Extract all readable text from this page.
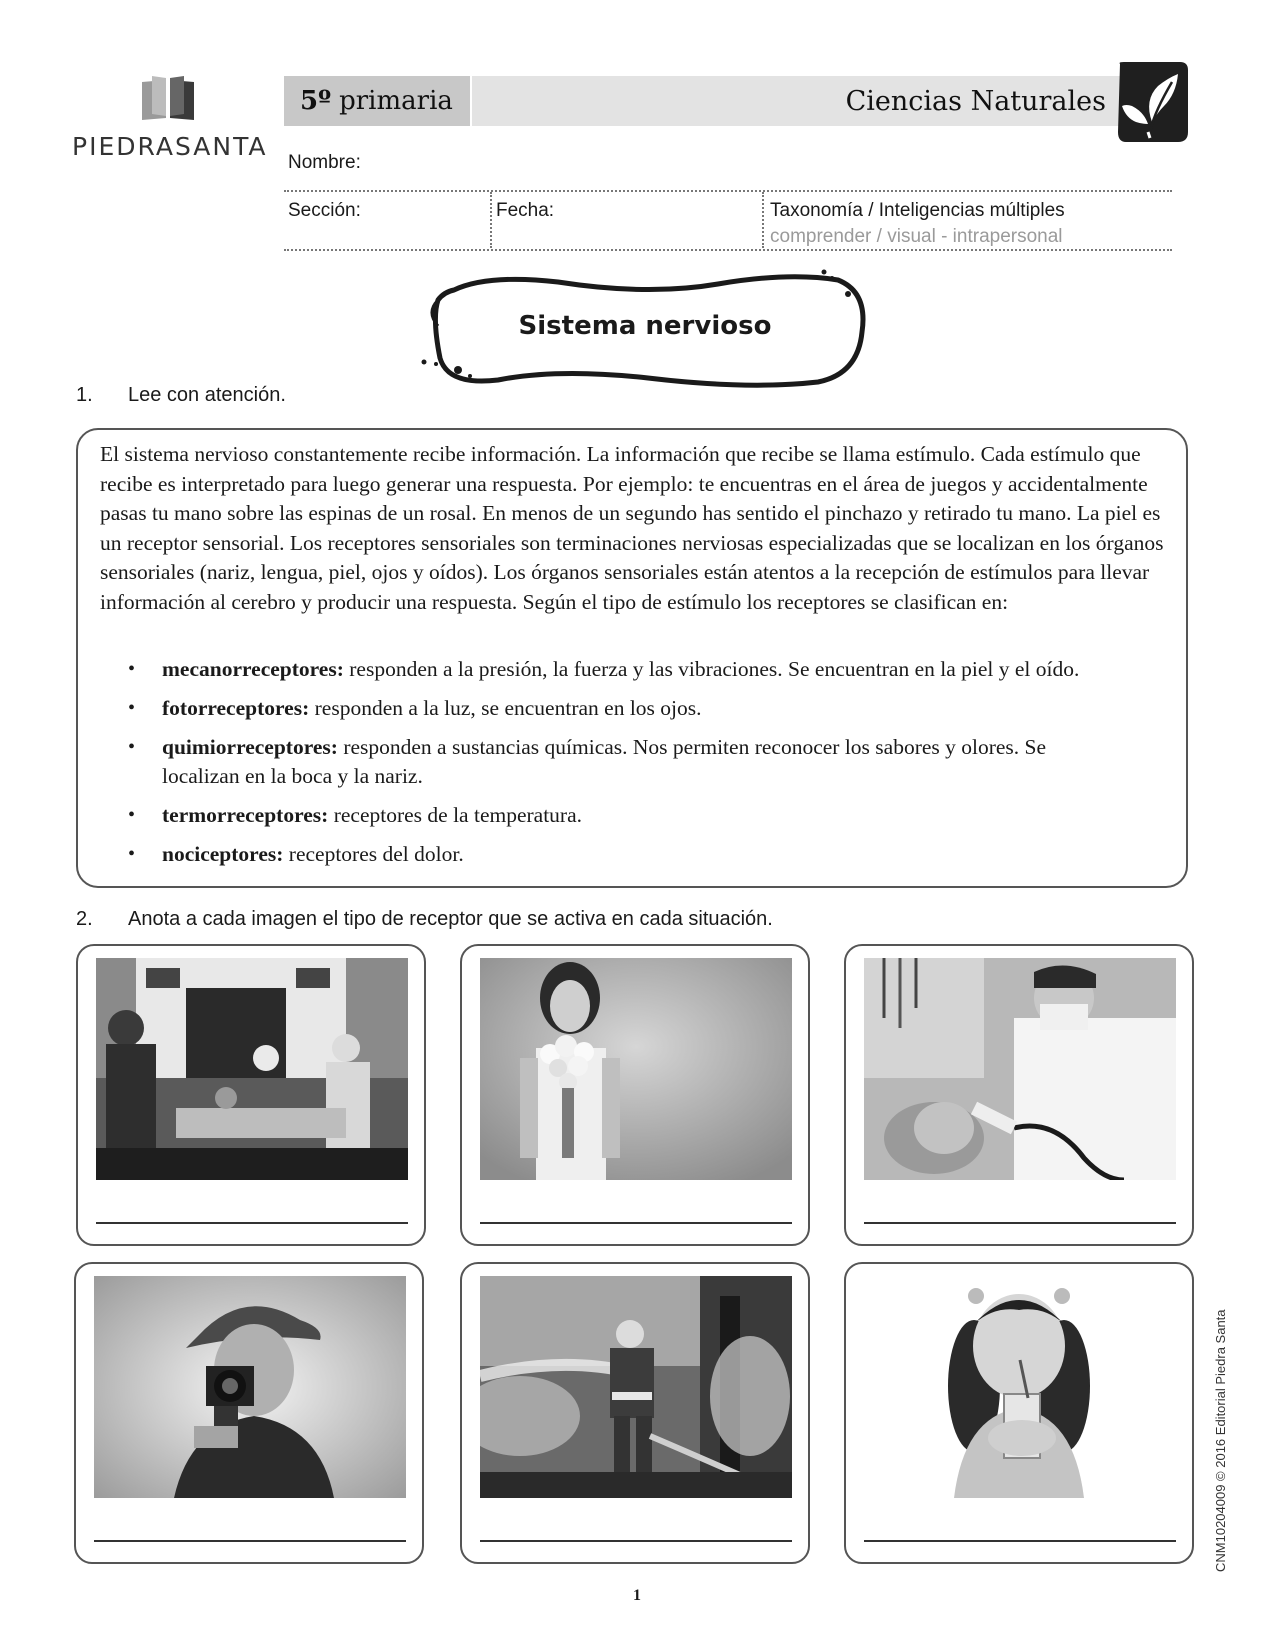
PIEDRASANTA
5º primaria	Ciencias Naturales
Nombre:
Sección:	Fecha:	Taxonomía / Inteligencias múltiples
comprender / visual - intrapersonal
Sistema nervioso
1. Lee con atención.
El sistema nervioso constantemente recibe información. La información que recibe se llama estímulo. Cada estímulo que recibe es interpretado para luego generar una respuesta. Por ejemplo: te encuentras en el área de juegos y accidentalmente pasas tu mano sobre las espinas de un rosal. En menos de un segundo has sentido el pinchazo y retirado tu mano. La piel es un receptor sensorial. Los receptores sensoriales son terminaciones nerviosas especializadas que se localizan en los órganos sensoriales (nariz, lengua, piel, ojos y oídos). Los órganos sensoriales están atentos a la recepción de estímulos para llevar información al cerebro y producir una respuesta. Según el tipo de estímulo los receptores se clasifican en:
• mecanorreceptores: responden a la presión, la fuerza y las vibraciones. Se encuentran en la piel y el oído.
• fotorreceptores: responden a la luz, se encuentran en los ojos.
• quimiorreceptores: responden a sustancias químicas. Nos permiten reconocer los sabores y olores. Se localizan en la boca y la nariz.
• termorreceptores: receptores de la temperatura.
• nociceptores: receptores del dolor.
2. Anota a cada imagen el tipo de receptor que se activa en cada situación.
1
CNM10204009 © 2016 Editorial Piedra Santa
